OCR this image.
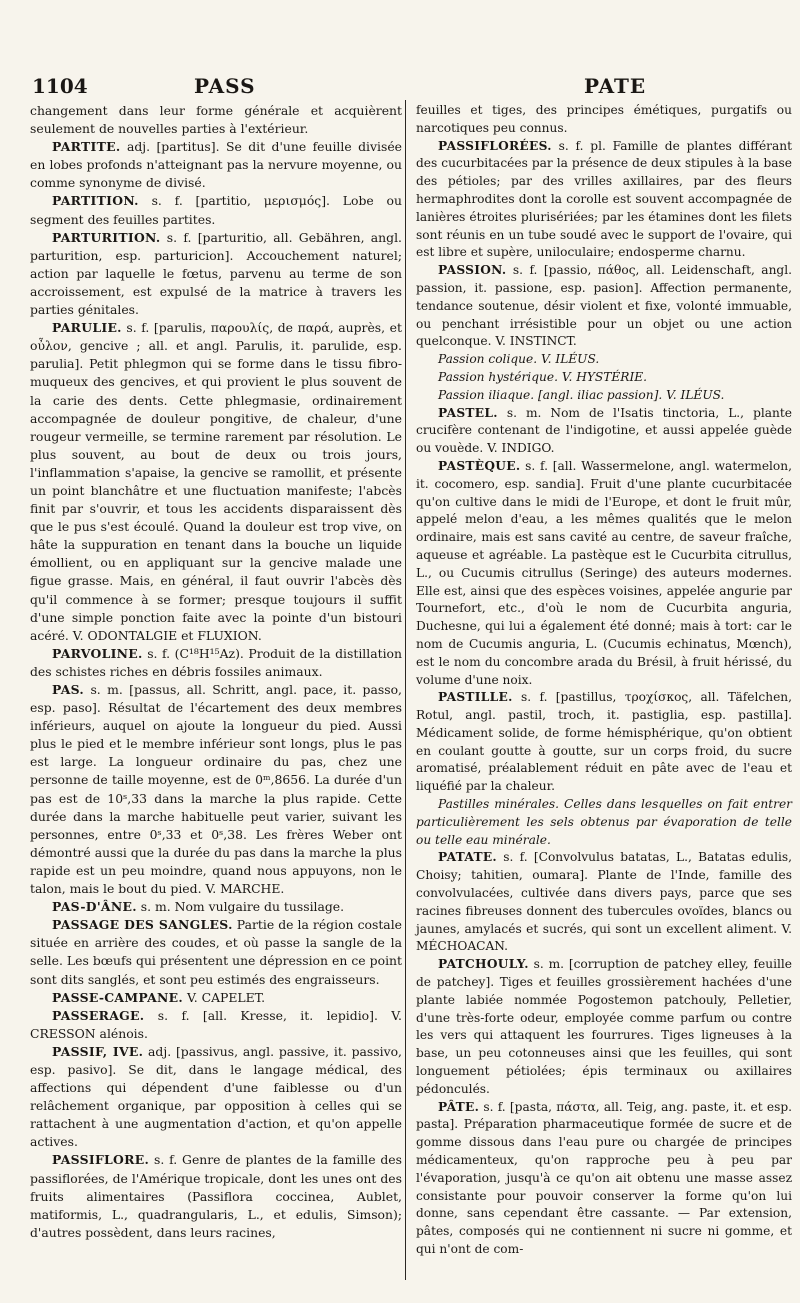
1104	PASS	PATE

changement dans leur forme générale et acquièrent seulement de nouvelles parties à l'extérieur.

PARTITE. adj. [partitus]. Se dit d'une feuille divisée en lobes profonds n'atteignant pas la nervure moyenne, ou comme synonyme de divisé.

PARTITION. s. f. [partitio, μερισμός]. Lobe ou segment des feuilles partites.

PARTURITION. s. f. [parturitio, all. Gebähren, angl. parturition, esp. parturicion]. Accouchement naturel; action par laquelle le fœtus, parvenu au terme de son accroissement, est expulsé de la matrice à travers les parties génitales.

PARULIE. s. f. [parulis, παρουλίς, de παρά, auprès, et οὖλον, gencive ; all. et angl. Parulis, it. parulide, esp. parulia]. Petit phlegmon qui se forme dans le tissu fibro-muqueux des gencives, et qui provient le plus souvent de la carie des dents. Cette phlegmasie, ordinairement accompagnée de douleur pongitive, de chaleur, d'une rougeur vermeille, se termine rarement par résolution. Le plus souvent, au bout de deux ou trois jours, l'inflammation s'apaise, la gencive se ramollit, et présente un point blanchâtre et une fluctuation manifeste; l'abcès finit par s'ouvrir, et tous les accidents disparaissent dès que le pus s'est écoulé. Quand la douleur est trop vive, on hâte la suppuration en tenant dans la bouche un liquide émollient, ou en appliquant sur la gencive malade une figue grasse. Mais, en général, il faut ouvrir l'abcès dès qu'il commence à se former; presque toujours il suffit d'une simple ponction faite avec la pointe d'un bistouri acéré. V. ODONTALGIE et FLUXION.

PARVOLINE. s. f. (C¹⁸H¹⁵Az). Produit de la distillation des schistes riches en débris fossiles animaux.

PAS. s. m. [passus, all. Schritt, angl. pace, it. passo, esp. paso]. Résultat de l'écartement des deux membres inférieurs, auquel on ajoute la longueur du pied. Aussi plus le pied et le membre inférieur sont longs, plus le pas est large. La longueur ordinaire du pas, chez une personne de taille moyenne, est de 0ᵐ,8656. La durée d'un pas est de 10ˢ,33 dans la marche la plus rapide. Cette durée dans la marche habituelle peut varier, suivant les personnes, entre 0ˢ,33 et 0ˢ,38. Les frères Weber ont démontré aussi que la durée du pas dans la marche la plus rapide est un peu moindre, quand nous appuyons, non le talon, mais le bout du pied. V. MARCHE.

PAS-D'ÂNE. s. m. Nom vulgaire du tussilage.

PASSAGE DES SANGLES. Partie de la région costale située en arrière des coudes, et où passe la sangle de la selle. Les bœufs qui présentent une dépression en ce point sont dits sanglés, et sont peu estimés des engraisseurs.

PASSE-CAMPANE. V. CAPELET.

PASSERAGE. s. f. [all. Kresse, it. lepidio]. V. CRESSON alénois.

PASSIF, IVE. adj. [passivus, angl. passive, it. passivo, esp. pasivo]. Se dit, dans le langage médical, des affections qui dépendent d'une faiblesse ou d'un relâchement organique, par opposition à celles qui se rattachent à une augmentation d'action, et qu'on appelle actives.

PASSIFLORE. s. f. Genre de plantes de la famille des passiflorées, de l'Amérique tropicale, dont les unes ont des fruits alimentaires (Passiflora coccinea, Aublet, matiformis, L., quadrangularis, L., et edulis, Simson); d'autres possèdent, dans leurs racines,

feuilles et tiges, des principes émétiques, purgatifs ou narcotiques peu connus.

PASSIFLORÉES. s. f. pl. Famille de plantes différant des cucurbitacées par la présence de deux stipules à la base des pétioles; par des vrilles axillaires, par des fleurs hermaphrodites dont la corolle est souvent accompagnée de lanières étroites plurisériées; par les étamines dont les filets sont réunis en un tube soudé avec le support de l'ovaire, qui est libre et supère, uniloculaire; endosperme charnu.

PASSION. s. f. [passio, πάθος, all. Leidenschaft, angl. passion, it. passione, esp. pasion]. Affection permanente, tendance soutenue, désir violent et fixe, volonté immuable, ou penchant irrésistible pour un objet ou une action quelconque. V. INSTINCT.

Passion colique. V. ILÉUS.

Passion hystérique. V. HYSTÉRIE.

Passion iliaque. [angl. iliac passion]. V. ILÉUS.

PASTEL. s. m. Nom de l'Isatis tinctoria, L., plante crucifère contenant de l'indigotine, et aussi appelée guède ou vouède. V. INDIGO.

PASTÈQUE. s. f. [all. Wassermelone, angl. watermelon, it. cocomero, esp. sandia]. Fruit d'une plante cucurbitacée qu'on cultive dans le midi de l'Europe, et dont le fruit mûr, appelé melon d'eau, a les mêmes qualités que le melon ordinaire, mais est sans cavité au centre, de saveur fraîche, aqueuse et agréable. La pastèque est le Cucurbita citrullus, L., ou Cucumis citrullus (Seringe) des auteurs modernes. Elle est, ainsi que des espèces voisines, appelée angurie par Tournefort, etc., d'où le nom de Cucurbita anguria, Duchesne, qui lui a également été donné; mais à tort: car le nom de Cucumis anguria, L. (Cucumis echinatus, Mœnch), est le nom du concombre arada du Brésil, à fruit hérissé, du volume d'une noix.

PASTILLE. s. f. [pastillus, τροχίσκος, all. Täfelchen, Rotul, angl. pastil, troch, it. pastiglia, esp. pastilla]. Médicament solide, de forme hémisphérique, qu'on obtient en coulant goutte à goutte, sur un corps froid, du sucre aromatisé, préalablement réduit en pâte avec de l'eau et liquéfié par la chaleur.

Pastilles minérales. Celles dans lesquelles on fait entrer particulièrement les sels obtenus par évaporation de telle ou telle eau minérale.

PATATE. s. f. [Convolvulus batatas, L., Batatas edulis, Choisy; tahitien, oumara]. Plante de l'Inde, famille des convolvulacées, cultivée dans divers pays, parce que ses racines fibreuses donnent des tubercules ovoïdes, blancs ou jaunes, amylacés et sucrés, qui sont un excellent aliment. V. MÉCHOACAN.

PATCHOULY. s. m. [corruption de patchey elley, feuille de patchey]. Tiges et feuilles grossièrement hachées d'une plante labiée nommée Pogostemon patchouly, Pelletier, d'une très-forte odeur, employée comme parfum ou contre les vers qui attaquent les fourrures. Tiges ligneuses à la base, un peu cotonneuses ainsi que les feuilles, qui sont longuement pétiolées; épis terminaux ou axillaires pédonculés.

PÂTE. s. f. [pasta, πάστα, all. Teig, ang. paste, it. et esp. pasta]. Préparation pharmaceutique formée de sucre et de gomme dissous dans l'eau pure ou chargée de principes médicamenteux, qu'on rapproche peu à peu par l'évaporation, jusqu'à ce qu'on ait obtenu une masse assez consistante pour pouvoir conserver la forme qu'on lui donne, sans cependant être cassante. — Par extension, pâtes, composés qui ne contiennent ni sucre ni gomme, et qui n'ont de com-
